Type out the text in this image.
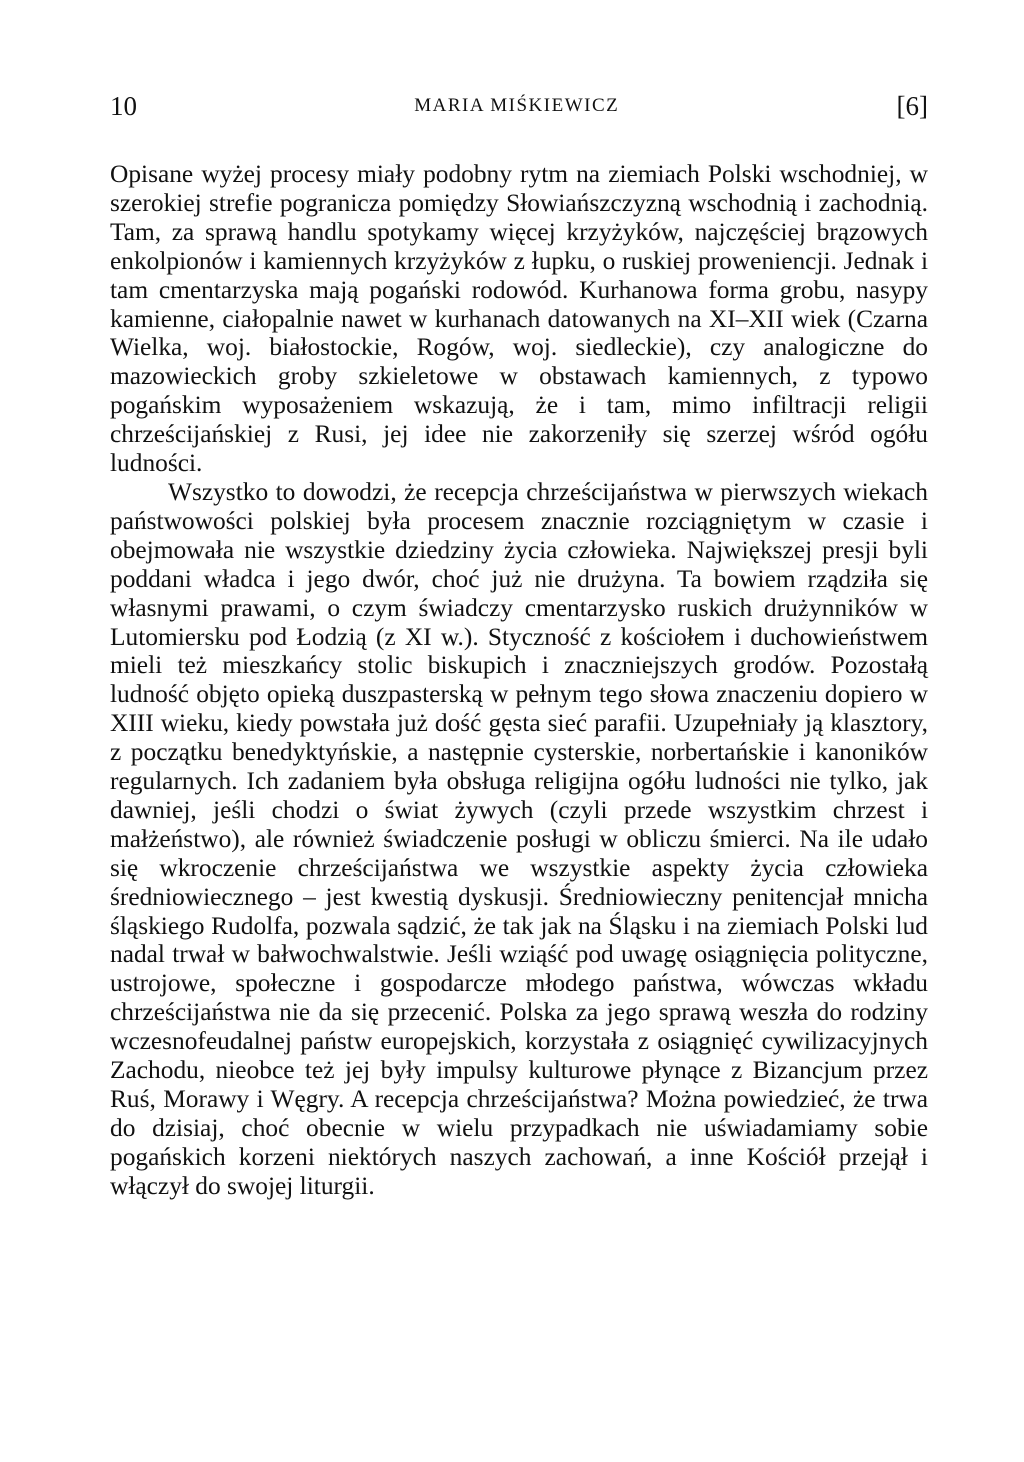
10	MARIA MIŚKIEWICZ	[6]

Opisane wyżej procesy miały podobny rytm na ziemiach Polski wschodniej, w szerokiej strefie pogranicza pomiędzy Słowiańszczyzną wschodnią i zachodnią. Tam, za sprawą handlu spotykamy więcej krzyżyków, najczęściej brązowych enkolpionów i kamiennych krzyżyków z łupku, o ruskiej proweniencji. Jednak i tam cmentarzyska mają pogański rodowód. Kurhanowa forma grobu, nasypy kamienne, ciałopalnie nawet w kurhanach datowanych na XI–XII wiek (Czarna Wielka, woj. białostockie, Rogów, woj. siedleckie), czy analogiczne do mazowieckich groby szkieletowe w obstawach kamiennych, z typowo pogańskim wyposażeniem wskazują, że i tam, mimo infiltracji religii chrześcijańskiej z Rusi, jej idee nie zakorzeniły się szerzej wśród ogółu ludności.

Wszystko to dowodzi, że recepcja chrześcijaństwa w pierwszych wiekach państwowości polskiej była procesem znacznie rozciągniętym w czasie i obejmowała nie wszystkie dziedziny życia człowieka. Największej presji byli poddani władca i jego dwór, choć już nie drużyna. Ta bowiem rządziła się własnymi prawami, o czym świadczy cmentarzysko ruskich drużynników w Lutomiersku pod Łodzią (z XI w.). Styczność z kościołem i duchowieństwem mieli też mieszkańcy stolic biskupich i znaczniejszych grodów. Pozostałą ludność objęto opieką duszpasterską w pełnym tego słowa znaczeniu dopiero w XIII wieku, kiedy powstała już dość gęsta sieć parafii. Uzupełniały ją klasztory, z początku benedyktyńskie, a następnie cysterskie, norbertańskie i kanoników regularnych. Ich zadaniem była obsługa religijna ogółu ludności nie tylko, jak dawniej, jeśli chodzi o świat żywych (czyli przede wszystkim chrzest i małżeństwo), ale również świadczenie posługi w obliczu śmierci. Na ile udało się wkroczenie chrześcijaństwa we wszystkie aspekty życia człowieka średniowiecznego – jest kwestią dyskusji. Średniowieczny penitencjał mnicha śląskiego Rudolfa, pozwala sądzić, że tak jak na Śląsku i na ziemiach Polski lud nadal trwał w bałwochwalstwie. Jeśli wziąść pod uwagę osiągnięcia polityczne, ustrojowe, społeczne i gospodarcze młodego państwa, wówczas wkładu chrześcijaństwa nie da się przecenić. Polska za jego sprawą weszła do rodziny wczesnofeudalnej państw europejskich, korzystała z osiągnięć cywilizacyjnych Zachodu, nieobce też jej były impulsy kulturowe płynące z Bizancjum przez Ruś, Morawy i Węgry. A recepcja chrześcijaństwa? Można powiedzieć, że trwa do dzisiaj, choć obecnie w wielu przypadkach nie uświadamiamy sobie pogańskich korzeni niektórych naszych zachowań, a inne Kościół przejął i włączył do swojej liturgii.
